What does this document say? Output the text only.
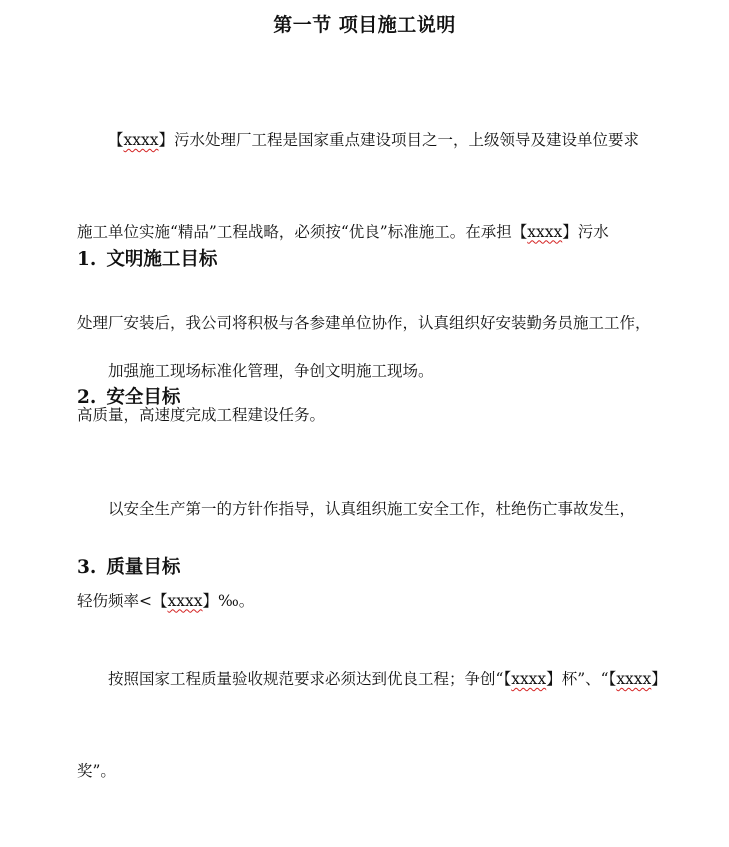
第一节 项目施工说明

【xxxx】污水处理厂工程是国家重点建设项目之一，上级领导及建设单位要求

施工单位实施“精品”工程战略，必须按“优良”标准施工。在承担【xxxx】污水

处理厂安装后，我公司将积极与各参建单位协作，认真组织好安装勤务员施工工作，

高质量，高速度完成工程建设任务。

1. 文明施工目标

加强施工现场标准化管理，争创文明施工现场。

2. 安全目标

以安全生产第一的方针作指导，认真组织施工安全工作，杜绝伤亡事故发生，

轻伤频率<【xxxx】‰。

3. 质量目标

按照国家工程质量验收规范要求必须达到优良工程；争创“【xxxx】杯”、“【xxxx】

奖”。
